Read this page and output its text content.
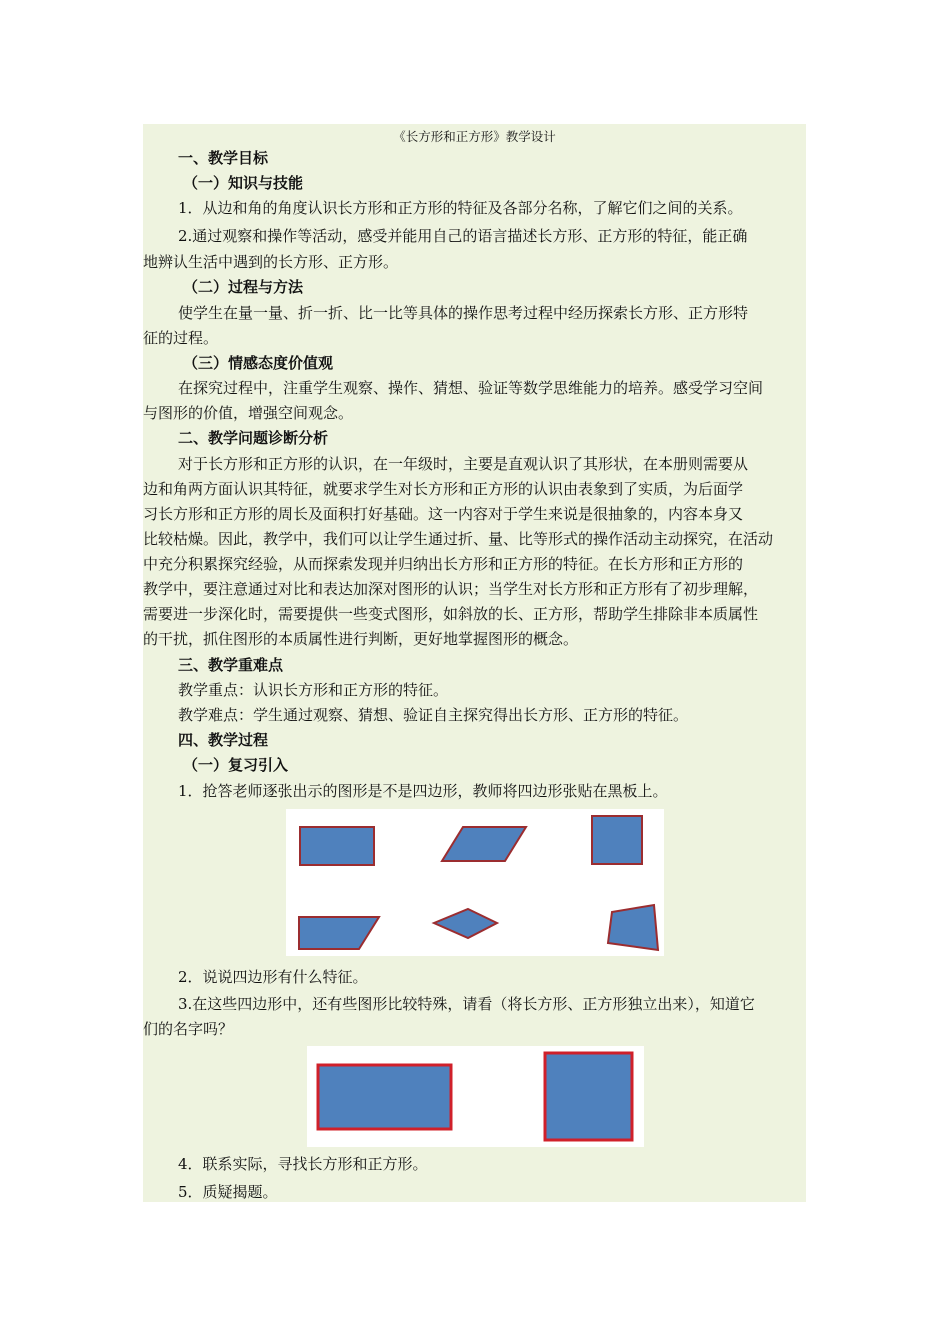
《长方形和正方形》教学设计
一、教学目标
（一）知识与技能
1．从边和角的角度认识长方形和正方形的特征及各部分名称，了解它们之间的关系。
2.通过观察和操作等活动，感受并能用自己的语言描述长方形、正方形的特征，能正确
地辨认生活中遇到的长方形、正方形。
（二）过程与方法
使学生在量一量、折一折、比一比等具体的操作思考过程中经历探索长方形、正方形特
征的过程。
（三）情感态度价值观
在探究过程中，注重学生观察、操作、猜想、验证等数学思维能力的培养。感受学习空间
与图形的价值，增强空间观念。
二、教学问题诊断分析
对于长方形和正方形的认识，在一年级时，主要是直观认识了其形状，在本册则需要从
边和角两方面认识其特征，就要求学生对长方形和正方形的认识由表象到了实质，为后面学
习长方形和正方形的周长及面积打好基础。这一内容对于学生来说是很抽象的，内容本身又
比较枯燥。因此，教学中，我们可以让学生通过折、量、比等形式的操作活动主动探究，在活动
中充分积累探究经验，从而探索发现并归纳出长方形和正方形的特征。在长方形和正方形的
教学中，要注意通过对比和表达加深对图形的认识；当学生对长方形和正方形有了初步理解，
需要进一步深化时，需要提供一些变式图形，如斜放的长、正方形，帮助学生排除非本质属性
的干扰，抓住图形的本质属性进行判断，更好地掌握图形的概念。
三、教学重难点
教学重点：认识长方形和正方形的特征。
教学难点：学生通过观察、猜想、验证自主探究得出长方形、正方形的特征。
四、教学过程
（一）复习引入
1．抢答老师逐张出示的图形是不是四边形，教师将四边形张贴在黑板上。
2．说说四边形有什么特征。
3.在这些四边形中，还有些图形比较特殊，请看（将长方形、正方形独立出来），知道它
们的名字吗？
4．联系实际，寻找长方形和正方形。
5．质疑揭题。
